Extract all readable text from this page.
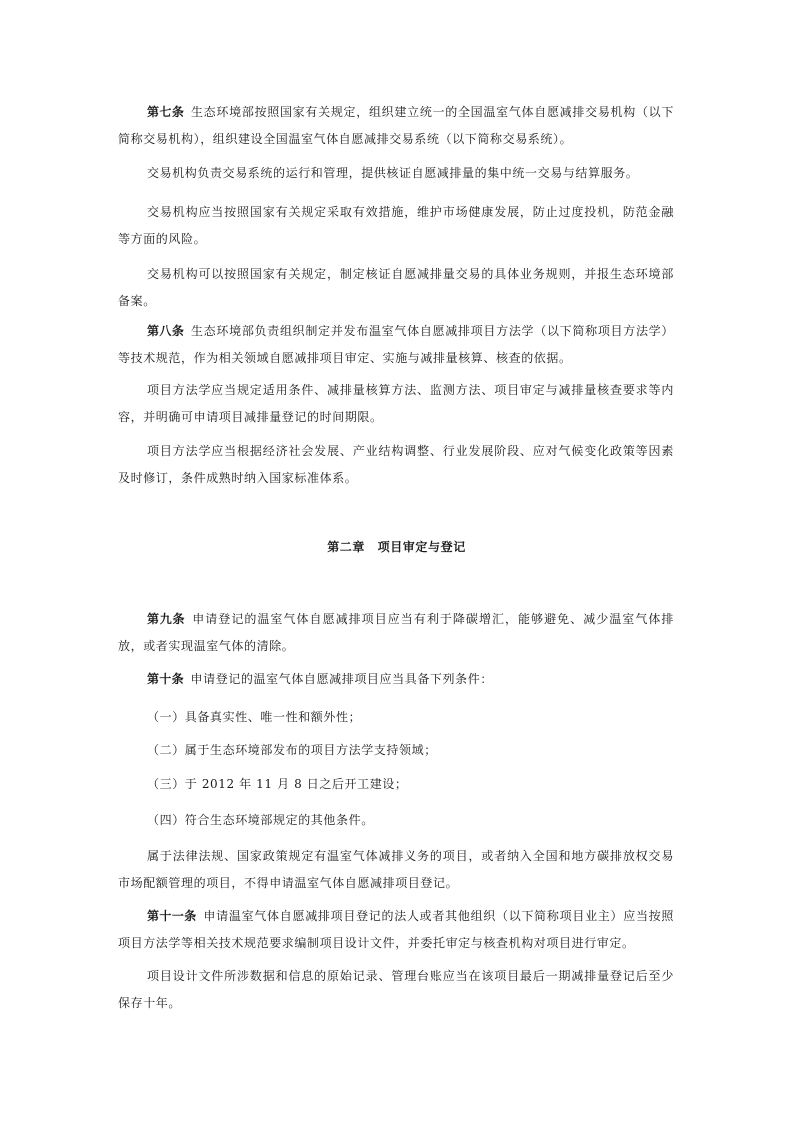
第七条  生态环境部按照国家有关规定，组织建立统一的全国温室气体自愿减排交易机构（以下简称交易机构），组织建设全国温室气体自愿减排交易系统（以下简称交易系统）。

交易机构负责交易系统的运行和管理，提供核证自愿减排量的集中统一交易与结算服务。

交易机构应当按照国家有关规定采取有效措施，维护市场健康发展，防止过度投机，防范金融等方面的风险。

交易机构可以按照国家有关规定，制定核证自愿减排量交易的具体业务规则，并报生态环境部备案。

第八条  生态环境部负责组织制定并发布温室气体自愿减排项目方法学（以下简称项目方法学）等技术规范，作为相关领域自愿减排项目审定、实施与减排量核算、核查的依据。

项目方法学应当规定适用条件、减排量核算方法、监测方法、项目审定与减排量核查要求等内容，并明确可申请项目减排量登记的时间期限。

项目方法学应当根据经济社会发展、产业结构调整、行业发展阶段、应对气候变化政策等因素及时修订，条件成熟时纳入国家标准体系。

第二章　项目审定与登记

第九条  申请登记的温室气体自愿减排项目应当有利于降碳增汇，能够避免、减少温室气体排放，或者实现温室气体的清除。

第十条  申请登记的温室气体自愿减排项目应当具备下列条件：

（一）具备真实性、唯一性和额外性；

（二）属于生态环境部发布的项目方法学支持领域；

（三）于 2012 年 11 月 8 日之后开工建设；

（四）符合生态环境部规定的其他条件。

属于法律法规、国家政策规定有温室气体减排义务的项目，或者纳入全国和地方碳排放权交易市场配额管理的项目，不得申请温室气体自愿减排项目登记。

第十一条  申请温室气体自愿减排项目登记的法人或者其他组织（以下简称项目业主）应当按照项目方法学等相关技术规范要求编制项目设计文件，并委托审定与核查机构对项目进行审定。

项目设计文件所涉数据和信息的原始记录、管理台账应当在该项目最后一期减排量登记后至少保存十年。
